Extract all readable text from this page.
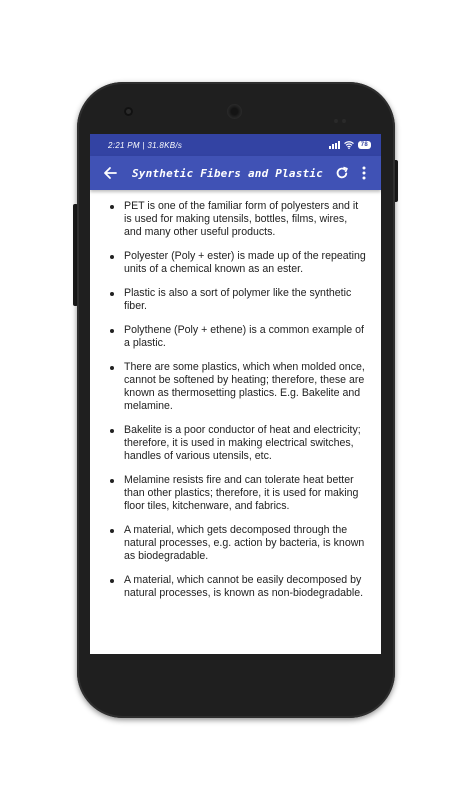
2:21 PM | 31.8KB/s	78
Synthetic Fibers and Plastic
PET is one of the familiar form of polyesters and it is used for making utensils, bottles, films, wires, and many other useful products.
Polyester (Poly + ester) is made up of the repeating units of a chemical known as an ester.
Plastic is also a sort of polymer like the synthetic fiber.
Polythene (Poly + ethene) is a common example of a plastic.
There are some plastics, which when molded once, cannot be softened by heating; therefore, these are known as thermosetting plastics. E.g. Bakelite and melamine.
Bakelite is a poor conductor of heat and electricity; therefore, it is used in making electrical switches, handles of various utensils, etc.
Melamine resists fire and can tolerate heat better than other plastics; therefore, it is used for making floor tiles, kitchenware, and fabrics.
A material, which gets decomposed through the natural processes, e.g. action by bacteria, is known as biodegradable.
A material, which cannot be easily decomposed by natural processes, is known as non-biodegradable.
